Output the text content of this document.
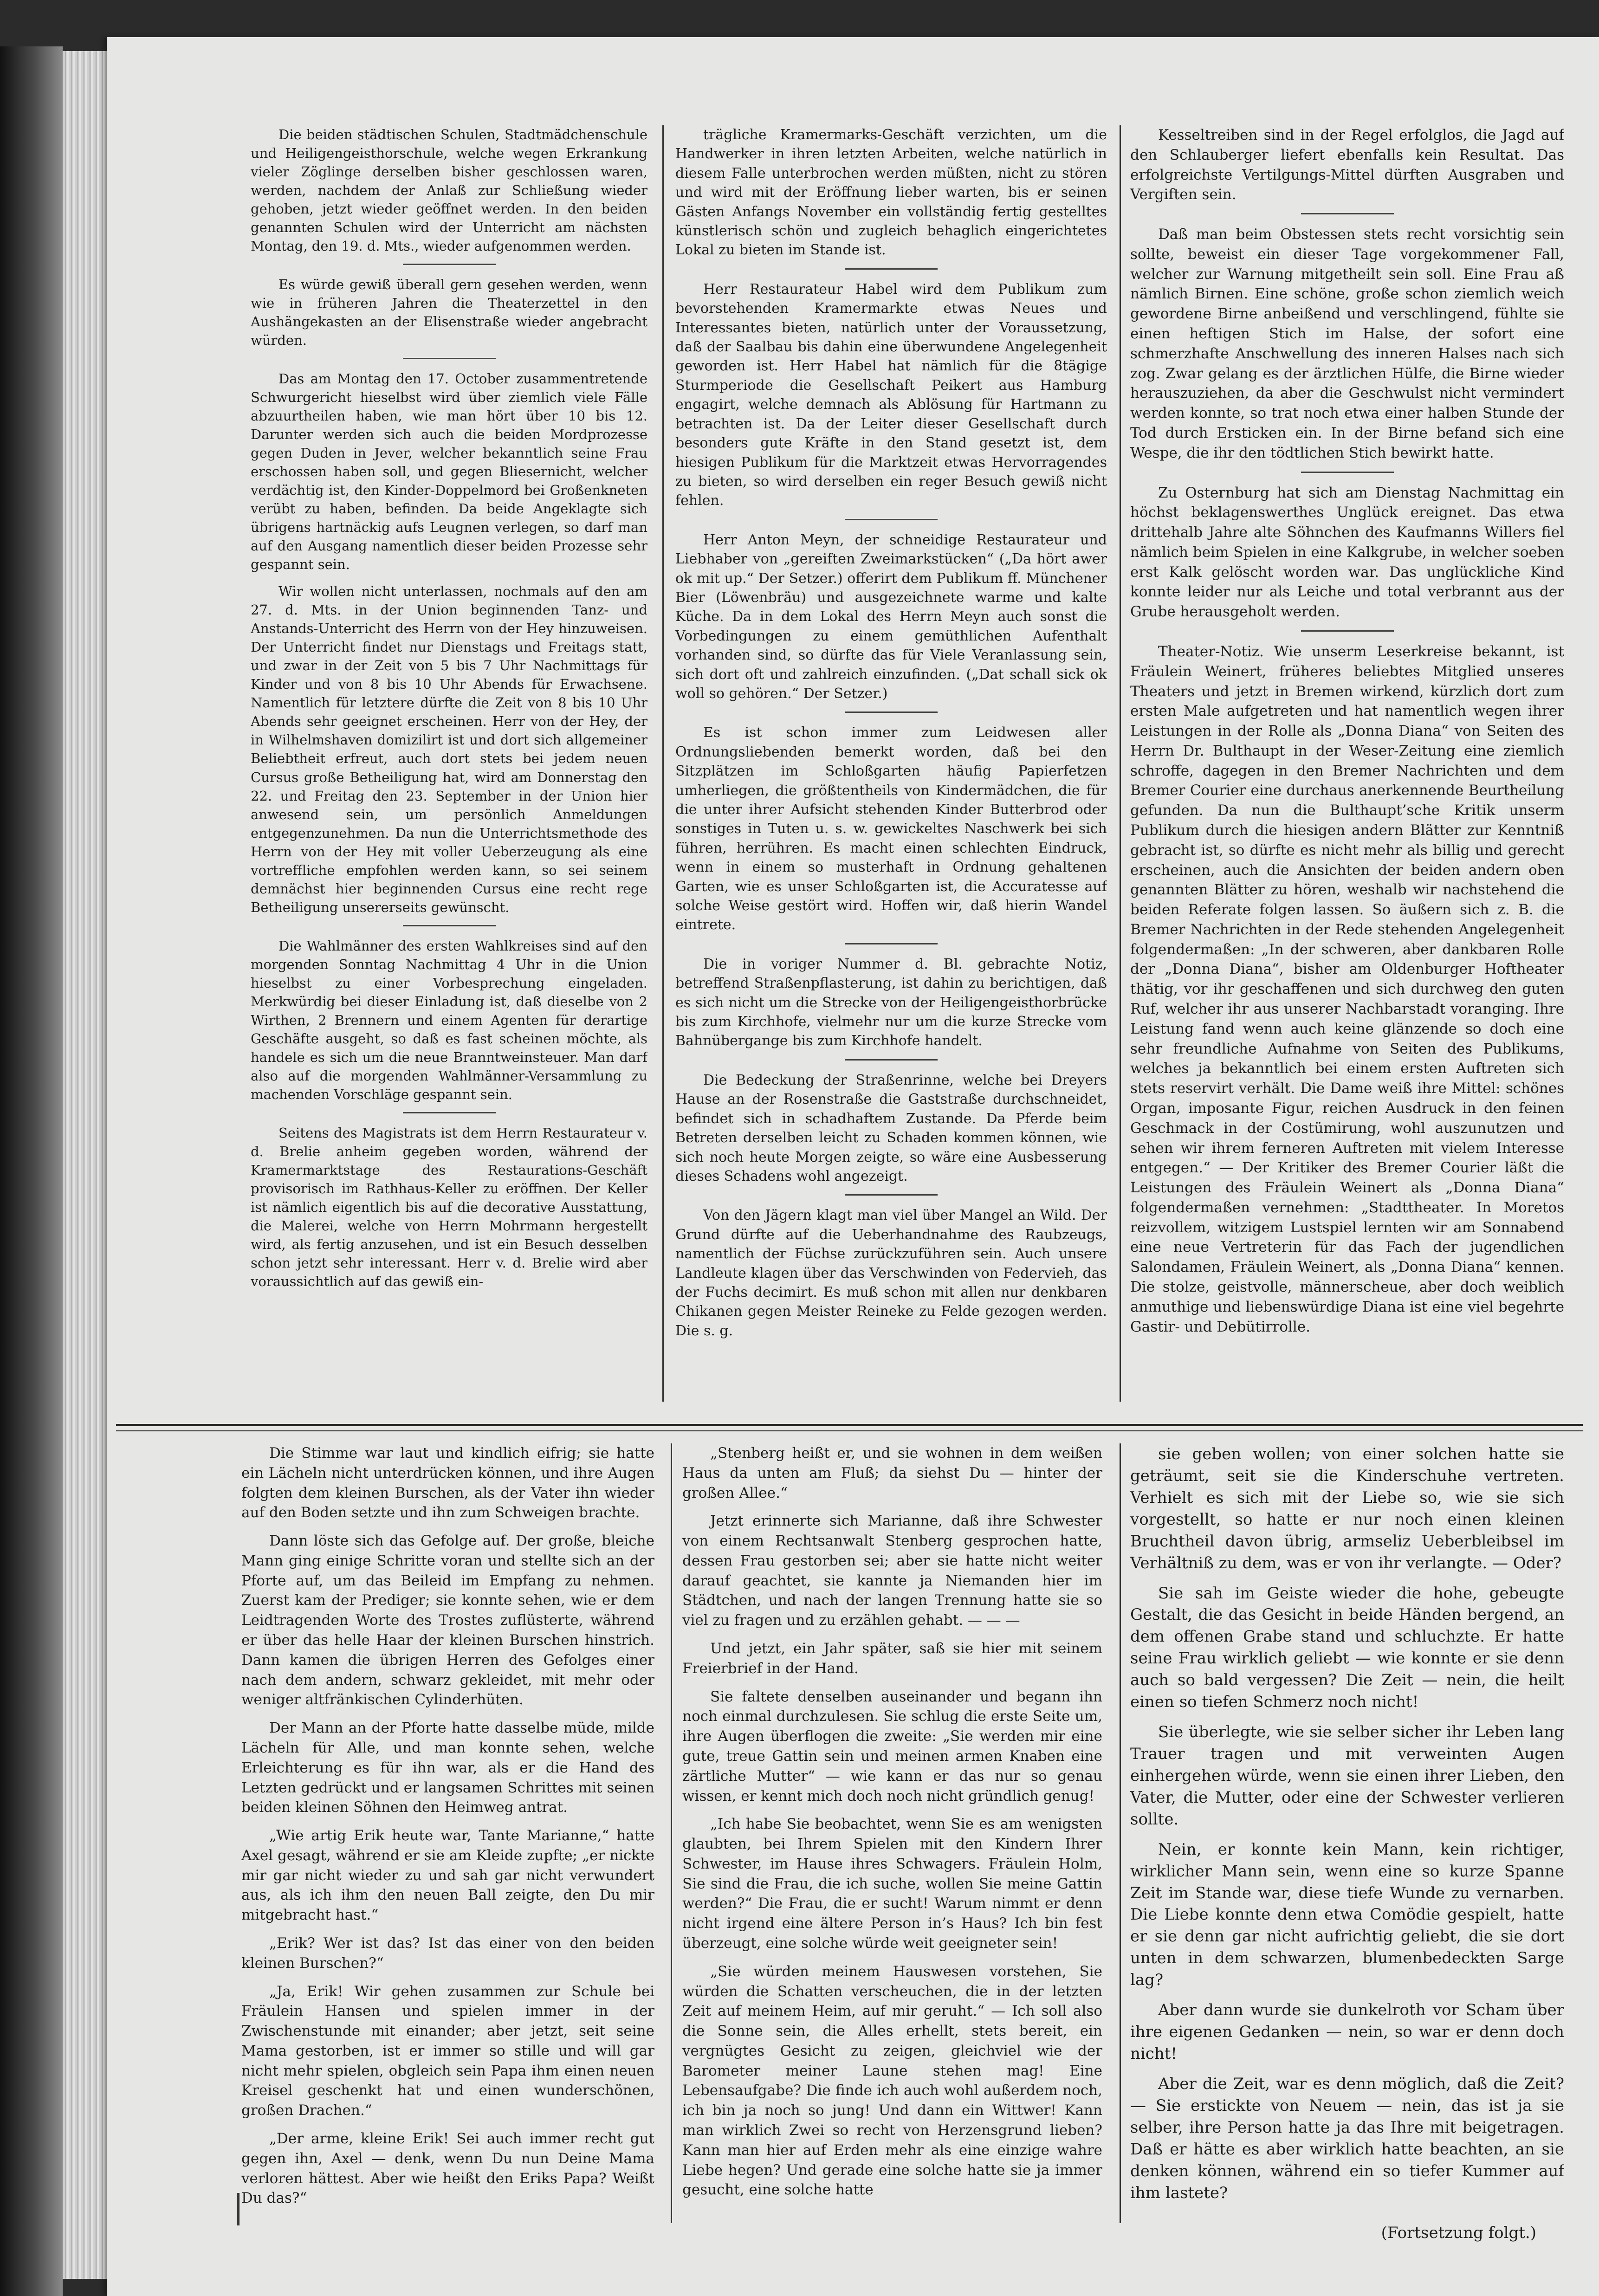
Die beiden städtischen Schulen, Stadtmädchenschule und Heiligengeisthorschule, welche wegen Erkrankung vieler Zöglinge derselben bisher geschlossen waren, werden, nachdem der Anlaß zur Schließung wieder gehoben, jetzt wieder geöffnet werden. In den beiden genannten Schulen wird der Unterricht am nächsten Montag, den 19. d. Mts., wieder aufgenommen werden.

Es würde gewiß überall gern gesehen werden, wenn wie in früheren Jahren die Theaterzettel in den Aushängekasten an der Elisenstraße wieder angebracht würden.

Das am Montag den 17. October zusammentretende Schwurgericht hieselbst wird über ziemlich viele Fälle abzuurtheilen haben, wie man hört über 10 bis 12. Darunter werden sich auch die beiden Mordprozesse gegen Duden in Jever, welcher bekanntlich seine Frau erschossen haben soll, und gegen Bliesernicht, welcher verdächtig ist, den Kinder-Doppelmord bei Großenkneten verübt zu haben, befinden. Da beide Angeklagte sich übrigens hartnäckig aufs Leugnen verlegen, so darf man auf den Ausgang namentlich dieser beiden Prozesse sehr gespannt sein.

Wir wollen nicht unterlassen, nochmals auf den am 27. d. Mts. in der Union beginnenden Tanz- und Anstands-Unterricht des Herrn von der Hey hinzuweisen. Der Unterricht findet nur Dienstags und Freitags statt, und zwar in der Zeit von 5 bis 7 Uhr Nachmittags für Kinder und von 8 bis 10 Uhr Abends für Erwachsene. Namentlich für letztere dürfte die Zeit von 8 bis 10 Uhr Abends sehr geeignet erscheinen. Herr von der Hey, der in Wilhelmshaven domizilirt ist und dort sich allgemeiner Beliebtheit erfreut, auch dort stets bei jedem neuen Cursus große Betheiligung hat, wird am Donnerstag den 22. und Freitag den 23. September in der Union hier anwesend sein, um persönlich Anmeldungen entgegenzunehmen. Da nun die Unterrichtsmethode des Herrn von der Hey mit voller Ueberzeugung als eine vortreffliche empfohlen werden kann, so sei seinem demnächst hier beginnenden Cursus eine recht rege Betheiligung unsererseits gewünscht.

Die Wahlmänner des ersten Wahlkreises sind auf den morgenden Sonntag Nachmittag 4 Uhr in die Union hieselbst zu einer Vorbesprechung eingeladen. Merkwürdig bei dieser Einladung ist, daß dieselbe von 2 Wirthen, 2 Brennern und einem Agenten für derartige Geschäfte ausgeht, so daß es fast scheinen möchte, als handele es sich um die neue Branntweinsteuer. Man darf also auf die morgenden Wahlmänner-Versammlung zu machenden Vorschläge gespannt sein.

Seitens des Magistrats ist dem Herrn Restaurateur v. d. Brelie anheim gegeben worden, während der Kramermarktstage des Restaurations-Geschäft provisorisch im Rathhaus-Keller zu eröffnen. Der Keller ist nämlich eigentlich bis auf die decorative Ausstattung, die Malerei, welche von Herrn Mohrmann hergestellt wird, als fertig anzusehen, und ist ein Besuch desselben schon jetzt sehr interessant. Herr v. d. Brelie wird aber voraussichtlich auf das gewiß ein-

trägliche Kramermarks-Geschäft verzichten, um die Handwerker in ihren letzten Arbeiten, welche natürlich in diesem Falle unterbrochen werden müßten, nicht zu stören und wird mit der Eröffnung lieber warten, bis er seinen Gästen Anfangs November ein vollständig fertig gestelltes künstlerisch schön und zugleich behaglich eingerichtetes Lokal zu bieten im Stande ist.

Herr Restaurateur Habel wird dem Publikum zum bevorstehenden Kramermarkte etwas Neues und Interessantes bieten, natürlich unter der Voraussetzung, daß der Saalbau bis dahin eine überwundene Angelegenheit geworden ist. Herr Habel hat nämlich für die 8tägige Sturmperiode die Gesellschaft Peikert aus Hamburg engagirt, welche demnach als Ablösung für Hartmann zu betrachten ist. Da der Leiter dieser Gesellschaft durch besonders gute Kräfte in den Stand gesetzt ist, dem hiesigen Publikum für die Marktzeit etwas Hervorragendes zu bieten, so wird derselben ein reger Besuch gewiß nicht fehlen.

Herr Anton Meyn, der schneidige Restaurateur und Liebhaber von „gereiften Zweimarkstücken“ („Da hört awer ok mit up.“ Der Setzer.) offerirt dem Publikum ff. Münchener Bier (Löwenbräu) und ausgezeichnete warme und kalte Küche. Da in dem Lokal des Herrn Meyn auch sonst die Vorbedingungen zu einem gemüthlichen Aufenthalt vorhanden sind, so dürfte das für Viele Veranlassung sein, sich dort oft und zahlreich einzufinden. („Dat schall sick ok woll so gehören.“ Der Setzer.)

Es ist schon immer zum Leidwesen aller Ordnungsliebenden bemerkt worden, daß bei den Sitzplätzen im Schloßgarten häufig Papierfetzen umherliegen, die größtentheils von Kindermädchen, die für die unter ihrer Aufsicht stehenden Kinder Butterbrod oder sonstiges in Tuten u. s. w. gewickeltes Naschwerk bei sich führen, herrühren. Es macht einen schlechten Eindruck, wenn in einem so musterhaft in Ordnung gehaltenen Garten, wie es unser Schloßgarten ist, die Accuratesse auf solche Weise gestört wird. Hoffen wir, daß hierin Wandel eintrete.

Die in voriger Nummer d. Bl. gebrachte Notiz, betreffend Straßenpflasterung, ist dahin zu berichtigen, daß es sich nicht um die Strecke von der Heiligengeisthorbrücke bis zum Kirchhofe, vielmehr nur um die kurze Strecke vom Bahnübergange bis zum Kirchhofe handelt.

Die Bedeckung der Straßenrinne, welche bei Dreyers Hause an der Rosenstraße die Gaststraße durchschneidet, befindet sich in schadhaftem Zustande. Da Pferde beim Betreten derselben leicht zu Schaden kommen können, wie sich noch heute Morgen zeigte, so wäre eine Ausbesserung dieses Schadens wohl angezeigt.

Von den Jägern klagt man viel über Mangel an Wild. Der Grund dürfte auf die Ueberhandnahme des Raubzeugs, namentlich der Füchse zurückzuführen sein. Auch unsere Landleute klagen über das Verschwinden von Federvieh, das der Fuchs decimirt. Es muß schon mit allen nur denkbaren Chikanen gegen Meister Reineke zu Felde gezogen werden. Die s. g.

Kesseltreiben sind in der Regel erfolglos, die Jagd auf den Schlauberger liefert ebenfalls kein Resultat. Das erfolgreichste Vertilgungs-Mittel dürften Ausgraben und Vergiften sein.

Daß man beim Obstessen stets recht vorsichtig sein sollte, beweist ein dieser Tage vorgekommener Fall, welcher zur Warnung mitgetheilt sein soll. Eine Frau aß nämlich Birnen. Eine schöne, große schon ziemlich weich gewordene Birne anbeißend und verschlingend, fühlte sie einen heftigen Stich im Halse, der sofort eine schmerzhafte Anschwellung des inneren Halses nach sich zog. Zwar gelang es der ärztlichen Hülfe, die Birne wieder herauszuziehen, da aber die Geschwulst nicht vermindert werden konnte, so trat noch etwa einer halben Stunde der Tod durch Ersticken ein. In der Birne befand sich eine Wespe, die ihr den tödtlichen Stich bewirkt hatte.

Zu Osternburg hat sich am Dienstag Nachmittag ein höchst beklagenswerthes Unglück ereignet. Das etwa drittehalb Jahre alte Söhnchen des Kaufmanns Willers fiel nämlich beim Spielen in eine Kalkgrube, in welcher soeben erst Kalk gelöscht worden war. Das unglückliche Kind konnte leider nur als Leiche und total verbrannt aus der Grube herausgeholt werden.

Theater-Notiz. Wie unserm Leserkreise bekannt, ist Fräulein Weinert, früheres beliebtes Mitglied unseres Theaters und jetzt in Bremen wirkend, kürzlich dort zum ersten Male aufgetreten und hat namentlich wegen ihrer Leistungen in der Rolle als „Donna Diana“ von Seiten des Herrn Dr. Bulthaupt in der Weser-Zeitung eine ziemlich schroffe, dagegen in den Bremer Nachrichten und dem Bremer Courier eine durchaus anerkennende Beurtheilung gefunden. Da nun die Bulthaupt’sche Kritik unserm Publikum durch die hiesigen andern Blätter zur Kenntniß gebracht ist, so dürfte es nicht mehr als billig und gerecht erscheinen, auch die Ansichten der beiden andern oben genannten Blätter zu hören, weshalb wir nachstehend die beiden Referate folgen lassen. So äußern sich z. B. die Bremer Nachrichten in der Rede stehenden Angelegenheit folgendermaßen: „In der schweren, aber dankbaren Rolle der „Donna Diana“, bisher am Oldenburger Hoftheater thätig, vor ihr geschaffenen und sich durchweg den guten Ruf, welcher ihr aus unserer Nachbarstadt voranging. Ihre Leistung fand wenn auch keine glänzende so doch eine sehr freundliche Aufnahme von Seiten des Publikums, welches ja bekanntlich bei einem ersten Auftreten sich stets reservirt verhält. Die Dame weiß ihre Mittel: schönes Organ, imposante Figur, reichen Ausdruck in den feinen Geschmack in der Costümirung, wohl auszunutzen und sehen wir ihrem ferneren Auftreten mit vielem Interesse entgegen.“ — Der Kritiker des Bremer Courier läßt die Leistungen des Fräulein Weinert als „Donna Diana“ folgendermaßen vernehmen: „Stadttheater. In Moretos reizvollem, witzigem Lustspiel lernten wir am Sonnabend eine neue Vertreterin für das Fach der jugendlichen Salondamen, Fräulein Weinert, als „Donna Diana“ kennen. Die stolze, geistvolle, männerscheue, aber doch weiblich anmuthige und liebenswürdige Diana ist eine viel begehrte Gastir- und Debütirrolle.

Die Stimme war laut und kindlich eifrig; sie hatte ein Lächeln nicht unterdrücken können, und ihre Augen folgten dem kleinen Burschen, als der Vater ihn wieder auf den Boden setzte und ihn zum Schweigen brachte.

Dann löste sich das Gefolge auf. Der große, bleiche Mann ging einige Schritte voran und stellte sich an der Pforte auf, um das Beileid im Empfang zu nehmen. Zuerst kam der Prediger; sie konnte sehen, wie er dem Leidtragenden Worte des Trostes zuflüsterte, während er über das helle Haar der kleinen Burschen hinstrich. Dann kamen die übrigen Herren des Gefolges einer nach dem andern, schwarz gekleidet, mit mehr oder weniger altfränkischen Cylinderhüten.

Der Mann an der Pforte hatte dasselbe müde, milde Lächeln für Alle, und man konnte sehen, welche Erleichterung es für ihn war, als er die Hand des Letzten gedrückt und er langsamen Schrittes mit seinen beiden kleinen Söhnen den Heimweg antrat.

„Wie artig Erik heute war, Tante Marianne,“ hatte Axel gesagt, während er sie am Kleide zupfte; „er nickte mir gar nicht wieder zu und sah gar nicht verwundert aus, als ich ihm den neuen Ball zeigte, den Du mir mitgebracht hast.“

„Erik? Wer ist das? Ist das einer von den beiden kleinen Burschen?“

„Ja, Erik! Wir gehen zusammen zur Schule bei Fräulein Hansen und spielen immer in der Zwischenstunde mit einander; aber jetzt, seit seine Mama gestorben, ist er immer so stille und will gar nicht mehr spielen, obgleich sein Papa ihm einen neuen Kreisel geschenkt hat und einen wunderschönen, großen Drachen.“

„Der arme, kleine Erik! Sei auch immer recht gut gegen ihn, Axel — denk, wenn Du nun Deine Mama verloren hättest. Aber wie heißt den Eriks Papa? Weißt Du das?“

„Stenberg heißt er, und sie wohnen in dem weißen Haus da unten am Fluß; da siehst Du — hinter der großen Allee.“

Jetzt erinnerte sich Marianne, daß ihre Schwester von einem Rechtsanwalt Stenberg gesprochen hatte, dessen Frau gestorben sei; aber sie hatte nicht weiter darauf geachtet, sie kannte ja Niemanden hier im Städtchen, und nach der langen Trennung hatte sie so viel zu fragen und zu erzählen gehabt. — — —

Und jetzt, ein Jahr später, saß sie hier mit seinem Freierbrief in der Hand.

Sie faltete denselben auseinander und begann ihn noch einmal durchzulesen. Sie schlug die erste Seite um, ihre Augen überflogen die zweite: „Sie werden mir eine gute, treue Gattin sein und meinen armen Knaben eine zärtliche Mutter“ — wie kann er das nur so genau wissen, er kennt mich doch noch nicht gründlich genug!

„Ich habe Sie beobachtet, wenn Sie es am wenigsten glaubten, bei Ihrem Spielen mit den Kindern Ihrer Schwester, im Hause ihres Schwagers. Fräulein Holm, Sie sind die Frau, die ich suche, wollen Sie meine Gattin werden?“ Die Frau, die er sucht! Warum nimmt er denn nicht irgend eine ältere Person in’s Haus? Ich bin fest überzeugt, eine solche würde weit geeigneter sein!

„Sie würden meinem Hauswesen vorstehen, Sie würden die Schatten verscheuchen, die in der letzten Zeit auf meinem Heim, auf mir geruht.“ — Ich soll also die Sonne sein, die Alles erhellt, stets bereit, ein vergnügtes Gesicht zu zeigen, gleichviel wie der Barometer meiner Laune stehen mag! Eine Lebensaufgabe? Die finde ich auch wohl außerdem noch, ich bin ja noch so jung! Und dann ein Wittwer! Kann man wirklich Zwei so recht von Herzensgrund lieben? Kann man hier auf Erden mehr als eine einzige wahre Liebe hegen? Und gerade eine solche hatte sie ja immer gesucht, eine solche hatte

sie geben wollen; von einer solchen hatte sie geträumt, seit sie die Kinderschuhe vertreten. Verhielt es sich mit der Liebe so, wie sie sich vorgestellt, so hatte er nur noch einen kleinen Bruchtheil davon übrig, armseliz Ueberbleibsel im Verhältniß zu dem, was er von ihr verlangte. — Oder?

Sie sah im Geiste wieder die hohe, gebeugte Gestalt, die das Gesicht in beide Händen bergend, an dem offenen Grabe stand und schluchzte. Er hatte seine Frau wirklich geliebt — wie konnte er sie denn auch so bald vergessen? Die Zeit — nein, die heilt einen so tiefen Schmerz noch nicht!

Sie überlegte, wie sie selber sicher ihr Leben lang Trauer tragen und mit verweinten Augen einhergehen würde, wenn sie einen ihrer Lieben, den Vater, die Mutter, oder eine der Schwester verlieren sollte.

Nein, er konnte kein Mann, kein richtiger, wirklicher Mann sein, wenn eine so kurze Spanne Zeit im Stande war, diese tiefe Wunde zu vernarben. Die Liebe konnte denn etwa Comödie gespielt, hatte er sie denn gar nicht aufrichtig geliebt, die sie dort unten in dem schwarzen, blumenbedeckten Sarge lag?

Aber dann wurde sie dunkelroth vor Scham über ihre eigenen Gedanken — nein, so war er denn doch nicht!

Aber die Zeit, war es denn möglich, daß die Zeit? — Sie erstickte von Neuem — nein, das ist ja sie selber, ihre Person hatte ja das Ihre mit beigetragen. Daß er hätte es aber wirklich hatte beachten, an sie denken können, während ein so tiefer Kummer auf ihm lastete?

(Fortsetzung folgt.)
